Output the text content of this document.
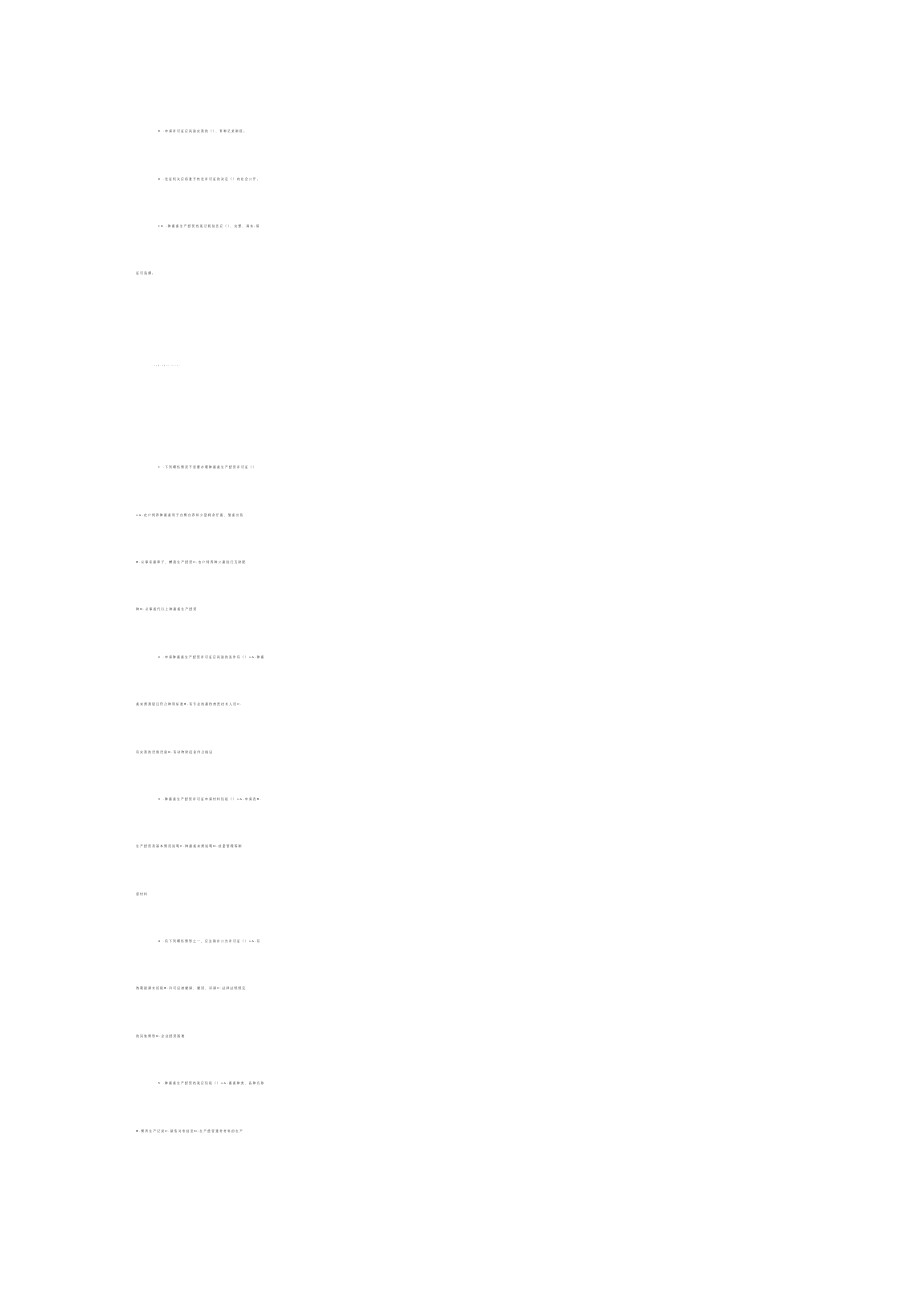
8 .申请许可证应具备完善的（）、育种记录制度。
9 .发证机关应将准予核发许可证的决定（）向社会公开。
10 .种畜禽生产经营档案记载信息应（）、完整、真实,保
证可追溯。
三、多选题（每题3分，共30分）
1 .下列哪些情况不需要办理种畜禽生产经营许可证（）
oA.农户饲养种畜禽用于自繁自养和少量剩余仔畜、雏禽出售
B.从事家畜卵子、精液生产经营C,农户饲养种公畜进行互助配
种D.从事祖代以上种畜禽生产经营
2 .申请种畜禽生产经营许可证应具备的条件有（）oA.种畜
禽来源清楚且符合种用标准B,有专业的畜牧兽医技术人员C.
有完善的设施设备D.有动物防疫条件合格证
3 .种畜禽生产经营许可证申请材料包括（）oA.申请表B.
生产经营者基本情况说明C.种畜禽来源说明D.质量管理等制
度材料
4 .有下列哪些情形之一，应注销并公告许可证（）oA.有
效期届满未延续B.许可证被撤销、撤回、吊销C.法律法规规定
的其他情形D.企业经营困难
5 .种畜禽生产经营档案应包括（）oA.畜禽种类、品种名称
B.繁育生产记录C.销售对象信息D,生产经营遗传材料的生产
